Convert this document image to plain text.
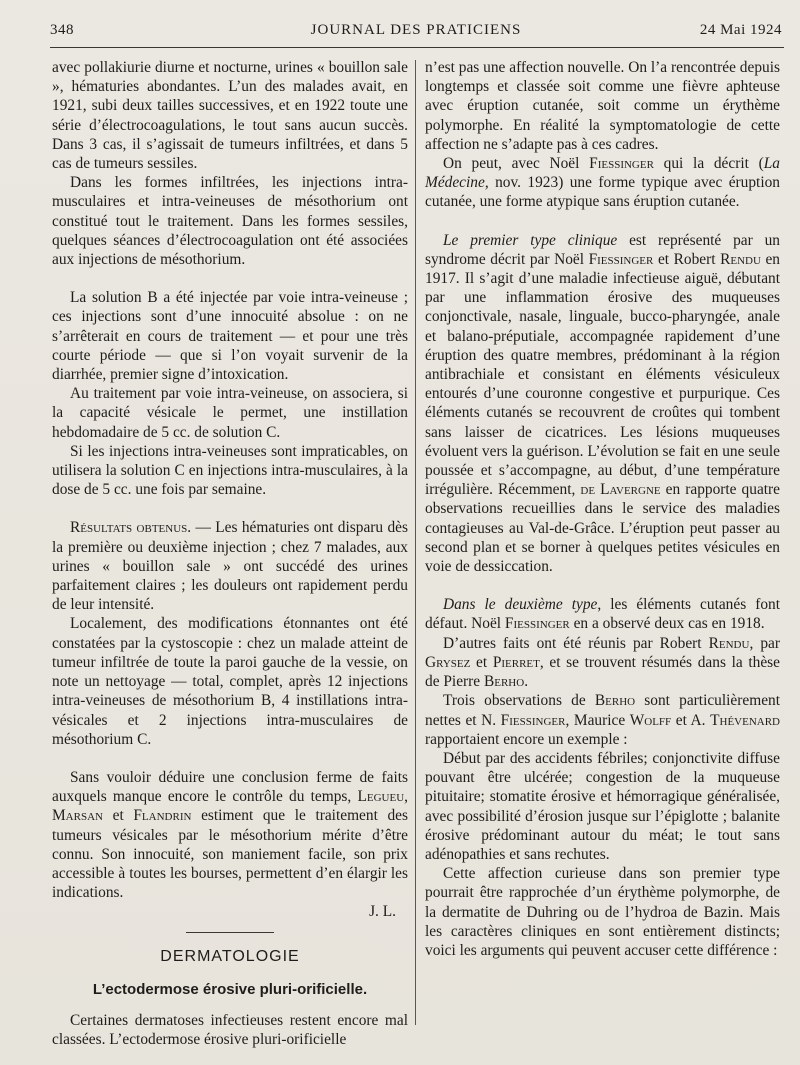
348	JOURNAL DES PRATICIENS	24 Mai 1924

avec pollakiurie diurne et nocturne, urines « bouillon sale », hématuries abondantes. L’un des malades avait, en 1921, subi deux tailles successives, et en 1922 toute une série d’électrocoagulations, le tout sans aucun succès. Dans 3 cas, il s’agissait de tumeurs infiltrées, et dans 5 cas de tumeurs sessiles.

Dans les formes infiltrées, les injections intra-musculaires et intra-veineuses de mésothorium ont constitué tout le traitement. Dans les formes sessiles, quelques séances d’électrocoagulation ont été associées aux injections de mésothorium.

La solution B a été injectée par voie intra-veineuse ; ces injections sont d’une innocuité absolue : on ne s’arrêterait en cours de traitement — et pour une très courte période — que si l’on voyait survenir de la diarrhée, premier signe d’intoxication.

Au traitement par voie intra-veineuse, on associera, si la capacité vésicale le permet, une instillation hebdomadaire de 5 cc. de solution C.

Si les injections intra-veineuses sont impraticables, on utilisera la solution C en injections intra-musculaires, à la dose de 5 cc. une fois par semaine.

Résultats obtenus. — Les hématuries ont disparu dès la première ou deuxième injection ; chez 7 malades, aux urines « bouillon sale » ont succédé des urines parfaitement claires ; les douleurs ont rapidement perdu de leur intensité.

Localement, des modifications étonnantes ont été constatées par la cystoscopie : chez un malade atteint de tumeur infiltrée de toute la paroi gauche de la vessie, on note un nettoyage — total, complet, après 12 injections intra-veineuses de mésothorium B, 4 instillations intra-vésicales et 2 injections intra-musculaires de mésothorium C.

Sans vouloir déduire une conclusion ferme de faits auxquels manque encore le contrôle du temps, Legueu, Marsan et Flandrin estiment que le traitement des tumeurs vésicales par le mésothorium mérite d’être connu. Son innocuité, son maniement facile, son prix accessible à toutes les bourses, permettent d’en élargir les indications.

J. L.

DERMATOLOGIE
L’ectodermose érosive pluri-orificielle.

Certaines dermatoses infectieuses restent encore mal classées. L’ectodermose érosive pluri-orificielle

n’est pas une affection nouvelle. On l’a rencontrée depuis longtemps et classée soit comme une fièvre aphteuse avec éruption cutanée, soit comme un érythème polymorphe. En réalité la symptomatologie de cette affection ne s’adapte pas à ces cadres.

On peut, avec Noël Fiessinger qui la décrit (La Médecine, nov. 1923) une forme typique avec éruption cutanée, une forme atypique sans éruption cutanée.

Le premier type clinique est représenté par un syndrome décrit par Noël Fiessinger et Robert Rendu en 1917. Il s’agit d’une maladie infectieuse aiguë, débutant par une inflammation érosive des muqueuses conjonctivale, nasale, linguale, bucco-pharyngée, anale et balano-préputiale, accompagnée rapidement d’une éruption des quatre membres, prédominant à la région antibrachiale et consistant en éléments vésiculeux entourés d’une couronne congestive et purpurique. Ces éléments cutanés se recouvrent de croûtes qui tombent sans laisser de cicatrices. Les lésions muqueuses évoluent vers la guérison. L’évolution se fait en une seule poussée et s’accompagne, au début, d’une température irrégulière. Récemment, de Lavergne en rapporte quatre observations recueillies dans le service des maladies contagieuses au Val-de-Grâce. L’éruption peut passer au second plan et se borner à quelques petites vésicules en voie de dessiccation.

Dans le deuxième type, les éléments cutanés font défaut. Noël Fiessinger en a observé deux cas en 1918.

D’autres faits ont été réunis par Robert Rendu, par Grysez et Pierret, et se trouvent résumés dans la thèse de Pierre Berho.

Trois observations de Berho sont particulièrement nettes et N. Fiessinger, Maurice Wolff et A. Thévenard rapportaient encore un exemple :

Début par des accidents fébriles; conjonctivite diffuse pouvant être ulcérée; congestion de la muqueuse pituitaire; stomatite érosive et hémorragique généralisée, avec possibilité d’érosion jusque sur l’épiglotte ; balanite érosive prédominant autour du méat; le tout sans adénopathies et sans rechutes.

Cette affection curieuse dans son premier type pourrait être rapprochée d’un érythème polymorphe, de la dermatite de Duhring ou de l’hydroa de Bazin. Mais les caractères cliniques en sont entièrement distincts; voici les arguments qui peuvent accuser cette différence :
